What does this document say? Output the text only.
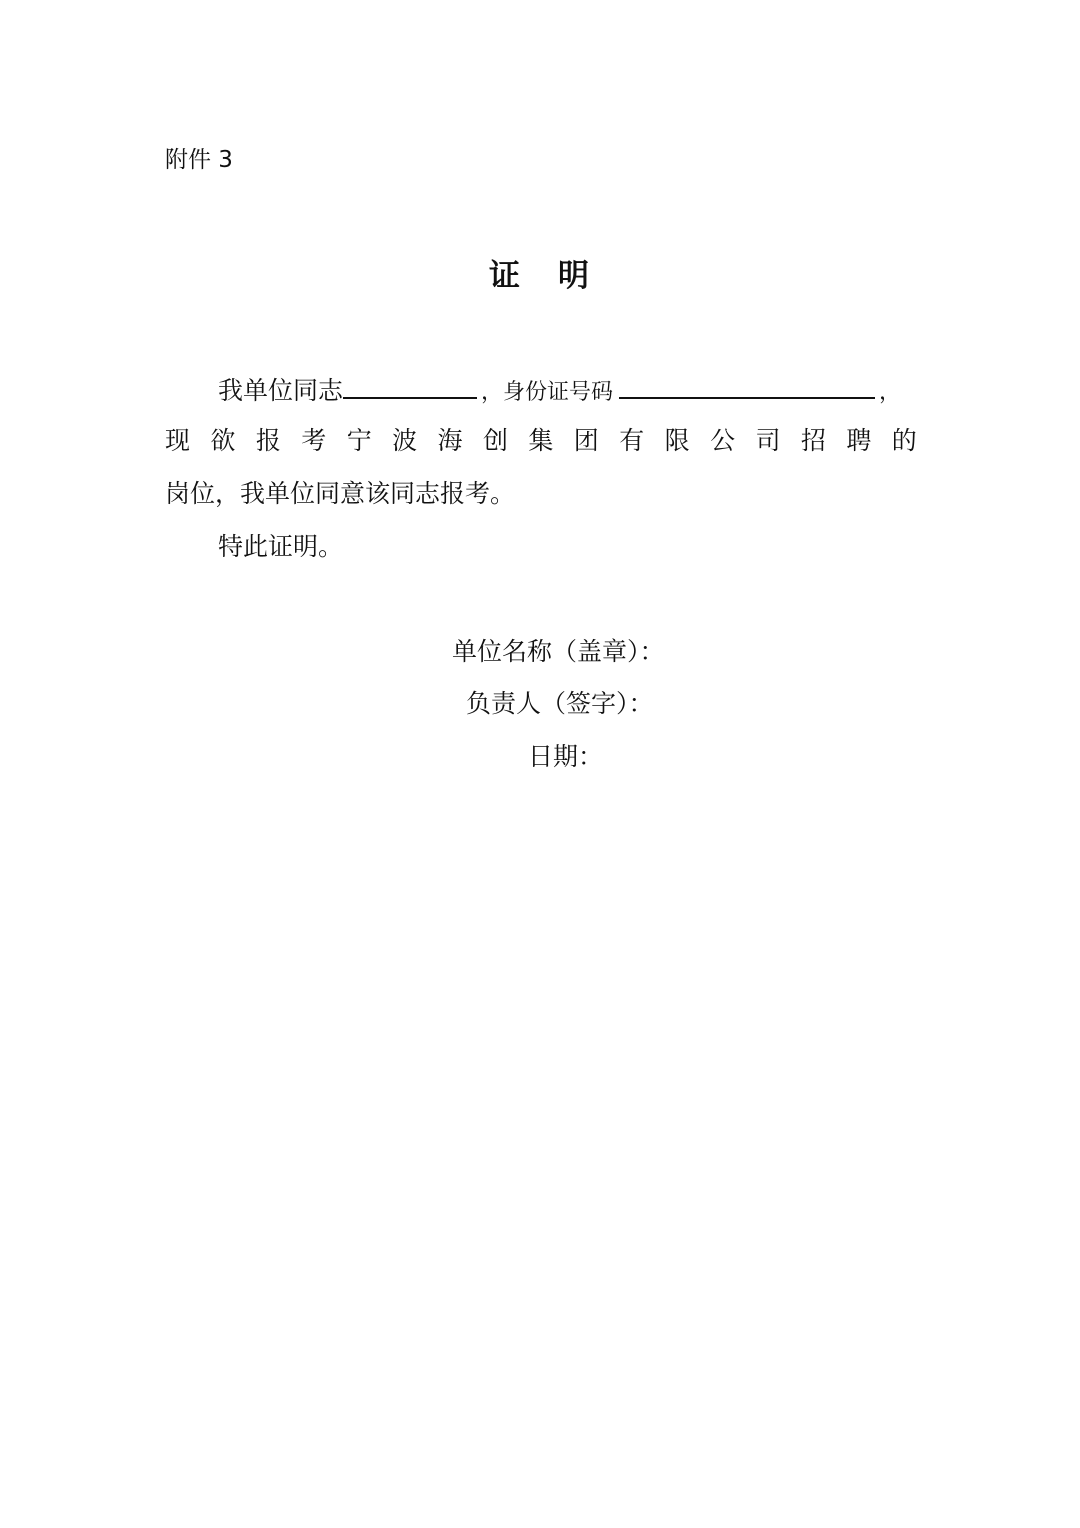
附件 3
证 明
我单位同志	，身份证号码	，
现 欲 报 考 宁 波 海 创 集 团 有 限 公 司 招 聘 的
岗位，我单位同意该同志报考。
特此证明。
单位名称（盖章）：
负责人（签字）：
日期：
